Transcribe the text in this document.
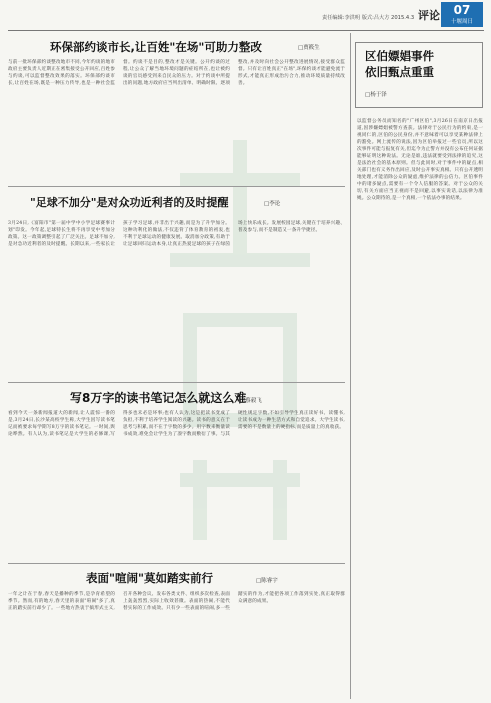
责任编辑:李洪明 版式:吕大方 2015.4.3 评论	07
十堰周日
环保部约谈市长,让百姓"在场"可助力整改	□贾筱生
与前一批环保部约谈整改地市不同,今年约谈的地市政府主要负责人近期正在密集接受公开回应,百姓参与约谈,可以监督整改效果的落实。环保部约谈市长,让百姓在场,既是一种压力传导,也是一种社会监督。约谈不是目的,整改才是关键。公开约谈的过程,让公众了解当地环境问题的症结所在,也让被约谈的官员感受到来自民众的压力。对于约谈中所提出的问题,地方政府应当列出清单、明确时限、逐项整改,并及时向社会公开整改进展情况,接受群众监督。只有让百姓真正"在场",环保约谈才能避免流于形式,才能真正形成治污合力,推动环境质量持续改善。
"足球不加分"是对众功近利者的及时提醒	□李论
3月24日,《富阳市"第一届中学中小学足球赛事计划"印发。今年起,足球特长生将不再享受中考加分政策。这一政策调整引起了广泛关注。足球不加分,是对急功近利者的及时提醒。长期以来,一些家长让孩子学习足球,并非出于兴趣,而是为了升学加分。这种功利化的做法,不仅违背了体育教育的初衷,也不利于足球运动的健康发展。取消加分政策,有助于让足球回归运动本身,让真正热爱足球的孩子在绿茵场上快乐成长。发展校园足球,关键在于培养兴趣、普及参与,而不是制造又一条升学捷径。
写8万字的读书笔记怎么就这么难
□蔡毅飞
看到今天一条新闻报道大的新闻,让人震惊一番的是,3月24日,长沙某高校学生称,大学生因写读书笔记而被要求每学期写8万字的读书笔记。一时间,舆论哗然。有人认为,读书笔记是大学生的必修课,写得多也未必是坏事;也有人认为,这是把读书变成了负担,不利于培养学生阅读的兴趣。读书的意义在于思考与积累,而不在于字数的多少。用字数来衡量读书成效,难免会让学生为了凑字数而敷衍了事。与其硬性规定字数,不如引导学生真正读好书、读懂书,让读书成为一种生活方式和自觉追求。大学生读书,需要的不是数量上的硬指标,而是质量上的真收获。
表面"喧闹"莫如踏实前行	□陈睿宇
一年之计在于春,春天是播种的季节,是孕育希望的季节。然而,有的地方,春天里的表面"喧闹"多了,真正的踏实前行却少了。一些地方热衷于搞形式主义,召开各种会议、发布各类文件、组织多次检查,表面上轰轰烈烈,实际上收效甚微。表面的热闹,不能代替实际的工作成效。只有少一些表面的喧闹,多一些踏实的作为,才能把各项工作落到实处,真正取得群众满意的成果。
区伯嫖娼事件
依旧甄点重重
□杨于泽
以监督公务员而知名的"广州区伯",3月26日在南京日出报道,因涉嫌嫖娼被警方查获。法律对于公民行为的约束,是一视同仁的,区伯的公民身份,并不意味着可以享受某种法律上的豁免。网上流传的说法,因为区伯举报过一些官员,所以这次事件可能与报复有关,但迄今为止警方并没有公布任何证据能够证明这种说法。无论是谁,违法就要受到法律的追究,这是法治社会的基本原则。但与此同时,对于事件中的疑点,相关部门也有义务作出回应,及时公开事实真相。只有公开透明地处理,才能消除公众的疑虑,维护法律的公信力。区伯事件中的诸多疑点,需要有一个令人信服的答案。对于公众的关切,有关方面应当正视而不是回避,以事实说话,以法律为准绳。公众期待的,是一个真相,一个依法办事的结果。
